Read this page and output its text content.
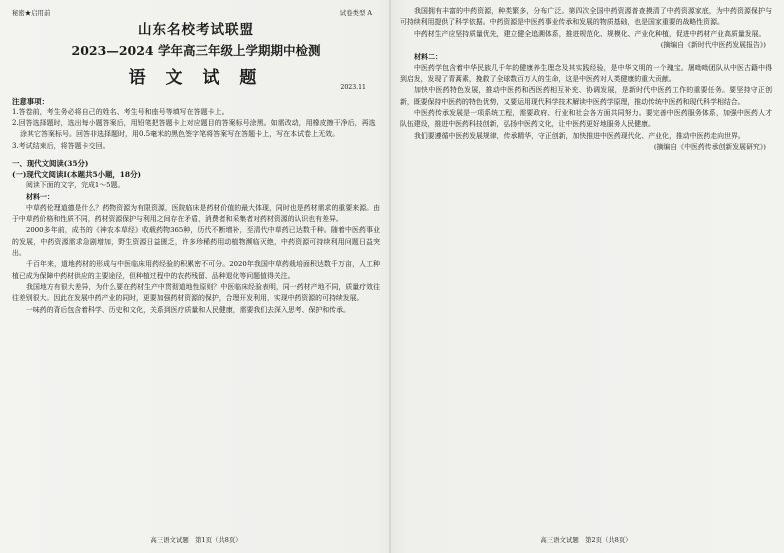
秘密★启用前	试卷类型 A
山东名校考试联盟
2023—2024 学年高三年级上学期期中检测
语 文 试 题	2023.11
注意事项：

1.答卷前，考生务必将自己的姓名、考生号和座号等填写在答题卡上。

2.回答选择题时，选出每小题答案后，用铅笔把答题卡上对应题目的答案标号涂黑。如需改动，用橡皮擦干净后，再选涂其它答案标号。回答非选择题时，用0.5毫米的黑色签字笔将答案写在答题卡上，写在本试卷上无效。

3.考试结束后，将答题卡交回。

一、现代文阅读(35分)
(一)现代文阅读Ⅰ(本题共5小题，18分)

阅读下面的文字，完成1～5题。

材料一：

中草药伦理道德是什么？药物资源为有限资源，医院临床是药材价值的最大体现，同时也是药材需求的重要来源。由于中草药价格和性质不同，药材资源保护与利用之间存在矛盾，消费者和采集者对药材资源的认识也有差异。

2000多年前，成书的《神农本草经》收载药物365种，历代不断增补，至清代中草药已达数千种。随着中医药事业的发展，中药资源需求急剧增加，野生资源日益匮乏，许多珍稀药用动植物濒临灭绝，中药资源可持续利用问题日益突出。

千百年来，道地药材的形成与中医临床用药经验的积累密不可分。2020年我国中草药栽培面积达数千万亩，人工种植已成为保障中药材供应的主要途径，但种植过程中的农药残留、品种退化等问题值得关注。

我国地方有很大差异，为什么要在药材生产中贯彻道地性原则？中医临床经验表明，同一药材产地不同，质量疗效往往差别很大。因此在发展中药产业的同时，更要加强药材资源的保护，合理开发利用，实现中药资源的可持续发展。

一味药的背后包含着科学、历史和文化，关系到医疗质量和人民健康，需要我们去深入思考、保护和传承。

高三语文试题　第1页（共8页）

我国拥有丰富的中药资源，种类繁多，分布广泛。第四次全国中药资源普查摸清了中药资源家底，为中药资源保护与可持续利用提供了科学依据。中药资源是中医药事业传承和发展的物质基础，也是国家重要的战略性资源。

中药材生产应坚持质量优先，建立健全追溯体系，推进规范化、规模化、产业化种植，促进中药材产业高质量发展。

(摘编自《新时代中医药发展报告》)

材料二：

中医药学包含着中华民族几千年的健康养生理念及其实践经验，是中华文明的一个瑰宝。屠呦呦团队从中医古籍中得到启发，发现了青蒿素，挽救了全球数百万人的生命，这是中医药对人类健康的重大贡献。

加快中医药特色发展，推动中医药和西医药相互补充、协调发展，是新时代中医药工作的重要任务。要坚持守正创新，既要保持中医药的特色优势，又要运用现代科学技术解读中医药学原理，推动传统中医药和现代科学相结合。

中医药传承发展是一项系统工程，需要政府、行业和社会各方面共同努力。要完善中医药服务体系，加强中医药人才队伍建设，推进中医药科技创新，弘扬中医药文化，让中医药更好地服务人民健康。

我们要遵循中医药发展规律，传承精华，守正创新，加快推进中医药现代化、产业化，推动中医药走向世界。

(摘编自《中医药传承创新发展研究》)

高三语文试题　第2页（共8页）
